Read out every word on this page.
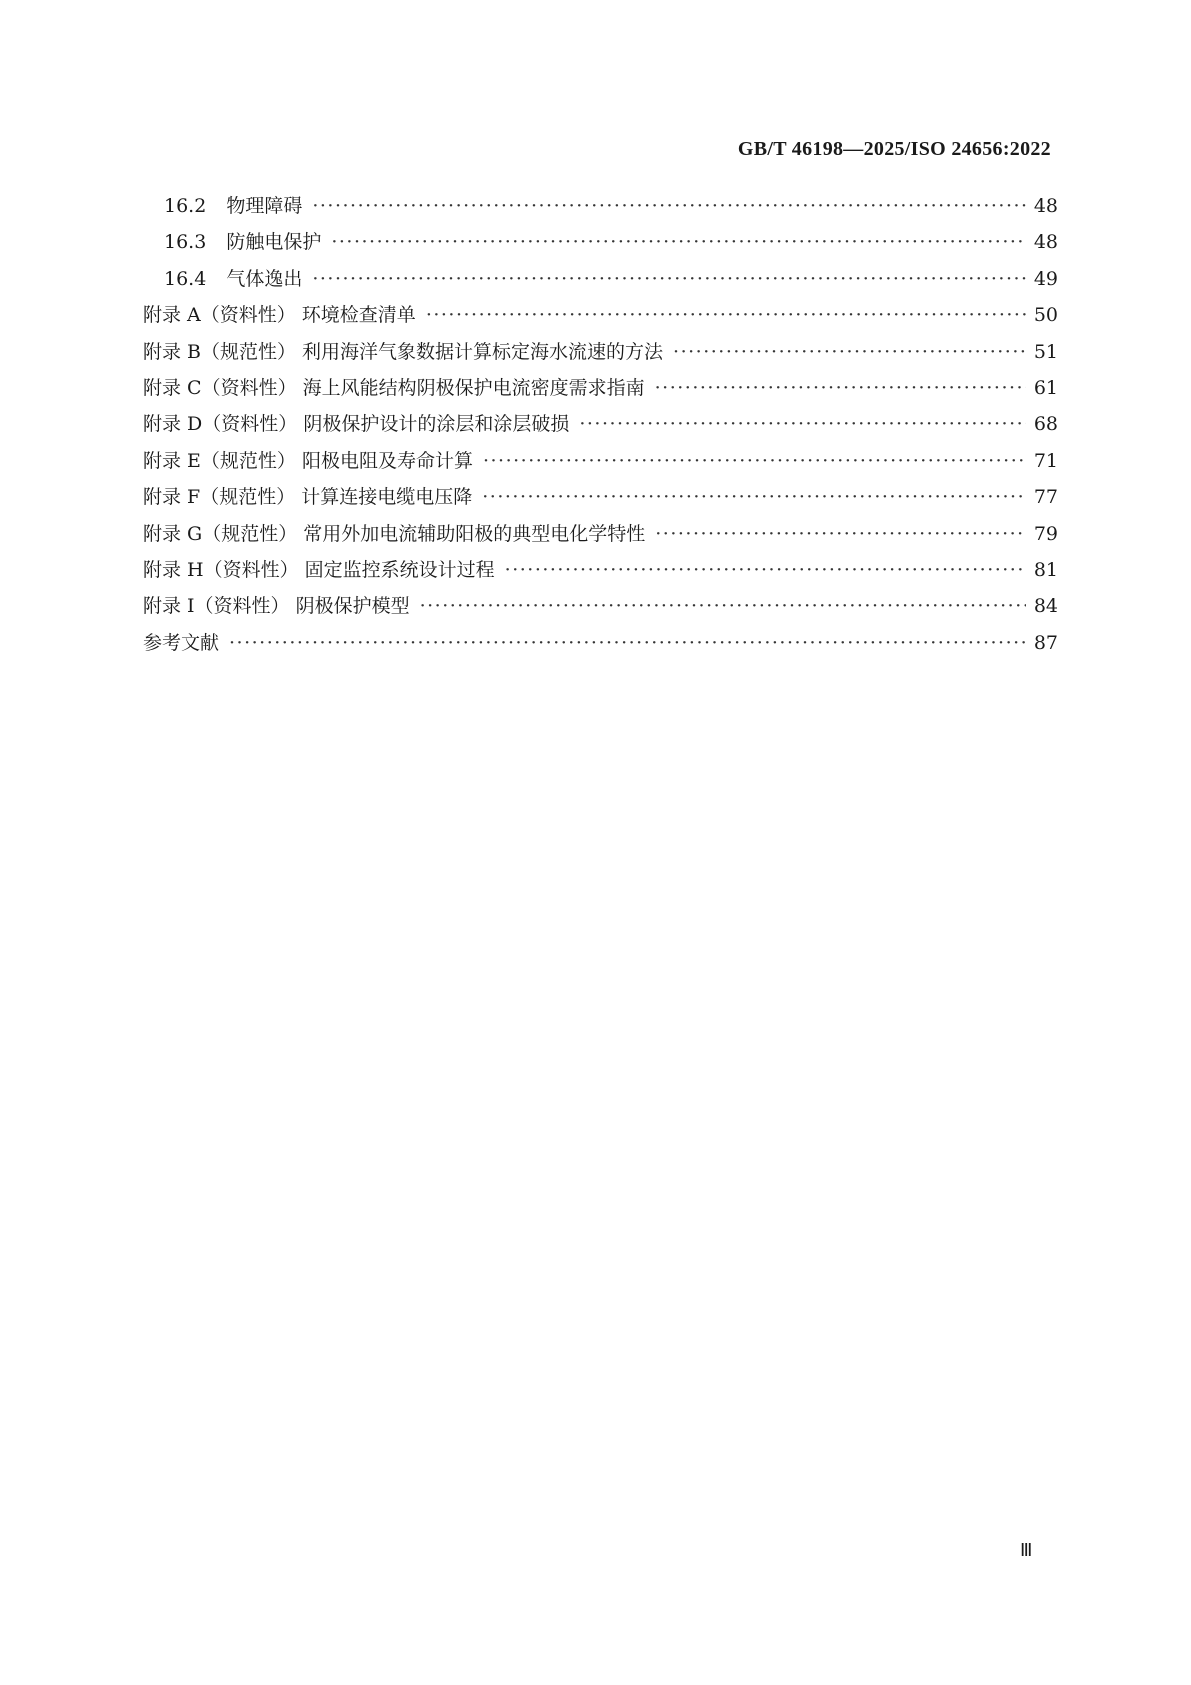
GB/T 46198—2025/ISO 24656:2022
16.2 物理障碍 ·····	48
16.3 防触电保护 ·····	48
16.4 气体逸出 ·····	49
附录 A（资料性） 环境检查清单 ·····	50
附录 B（规范性） 利用海洋气象数据计算标定海水流速的方法 ·····	51
附录 C（资料性） 海上风能结构阴极保护电流密度需求指南 ·····	61
附录 D（资料性） 阴极保护设计的涂层和涂层破损 ·····	68
附录 E（规范性） 阳极电阻及寿命计算 ·····	71
附录 F（规范性） 计算连接电缆电压降 ·····	77
附录 G（规范性） 常用外加电流辅助阳极的典型电化学特性 ·····	79
附录 H（资料性） 固定监控系统设计过程 ·····	81
附录 I（资料性） 阴极保护模型 ·····	84
参考文献 ·····	87
Ⅲ
